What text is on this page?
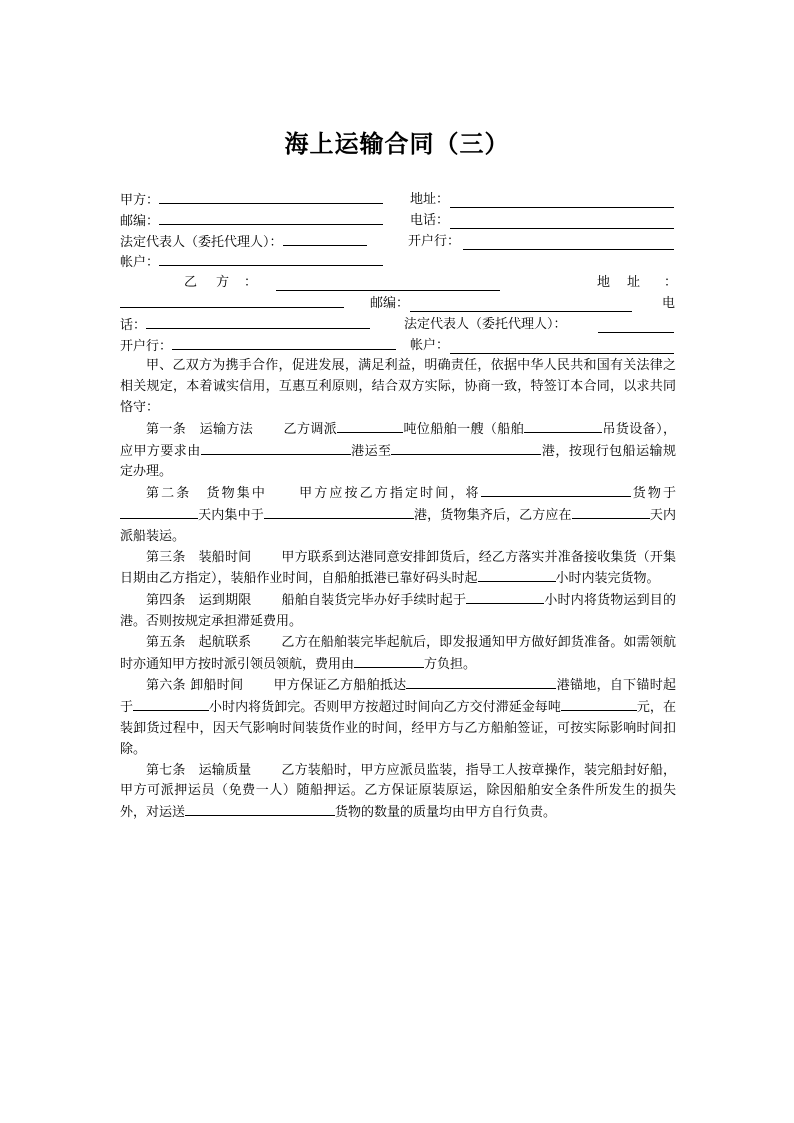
海上运输合同（三）
甲方：	地址：
邮编：	电话：
法定代表人（委托代理人）：	开户行：
帐户：
乙 方 ：	地 址 ：
邮编：	电
话：	法定代表人（委托代理人）：
开户行：	帐户：
甲、乙双方为携手合作，促进发展，满足利益，明确责任，依据中华人民共和国有关法律之相关规定，本着诚实信用，互惠互利原则，结合双方实际，协商一致，特签订本合同，以求共同恪守：
第一条　运输方法 乙方调派	吨位船舶一艘（船舶	吊货设备），应甲方要求由	港运至	港，按现行包船运输规定办理。
第二条　货物集中 甲方应按乙方指定时间，将	货物于天内集中于	港，货物集齐后，乙方应在	天内派船装运。
第三条　装船时间 甲方联系到达港同意安排卸货后，经乙方落实并准备接收集货（开集日期由乙方指定），装船作业时间，自船舶抵港已靠好码头时起	小时内装完货物。
第四条　运到期限 船舶自装货完毕办好手续时起于	小时内将货物运到目的港。否则按规定承担滞延费用。
第五条　起航联系 乙方在船舶装完毕起航后，即发报通知甲方做好卸货准备。如需领航时亦通知甲方按时派引领员领航，费用由	方负担。
第六条 卸船时间 甲方保证乙方船舶抵达	港锚地，自下锚时起于	小时内将货卸完。否则甲方按超过时间向乙方交付滞延金每吨	元，在装卸货过程中，因天气影响时间装货作业的时间，经甲方与乙方船舶签证，可按实际影响时间扣除。
第七条　运输质量 乙方装船时，甲方应派员监装，指导工人按章操作，装完船封好船，甲方可派押运员（免费一人）随船押运。乙方保证原装原运，除因船舶安全条件所发生的损失外，对运送	货物的数量的质量均由甲方自行负责。
